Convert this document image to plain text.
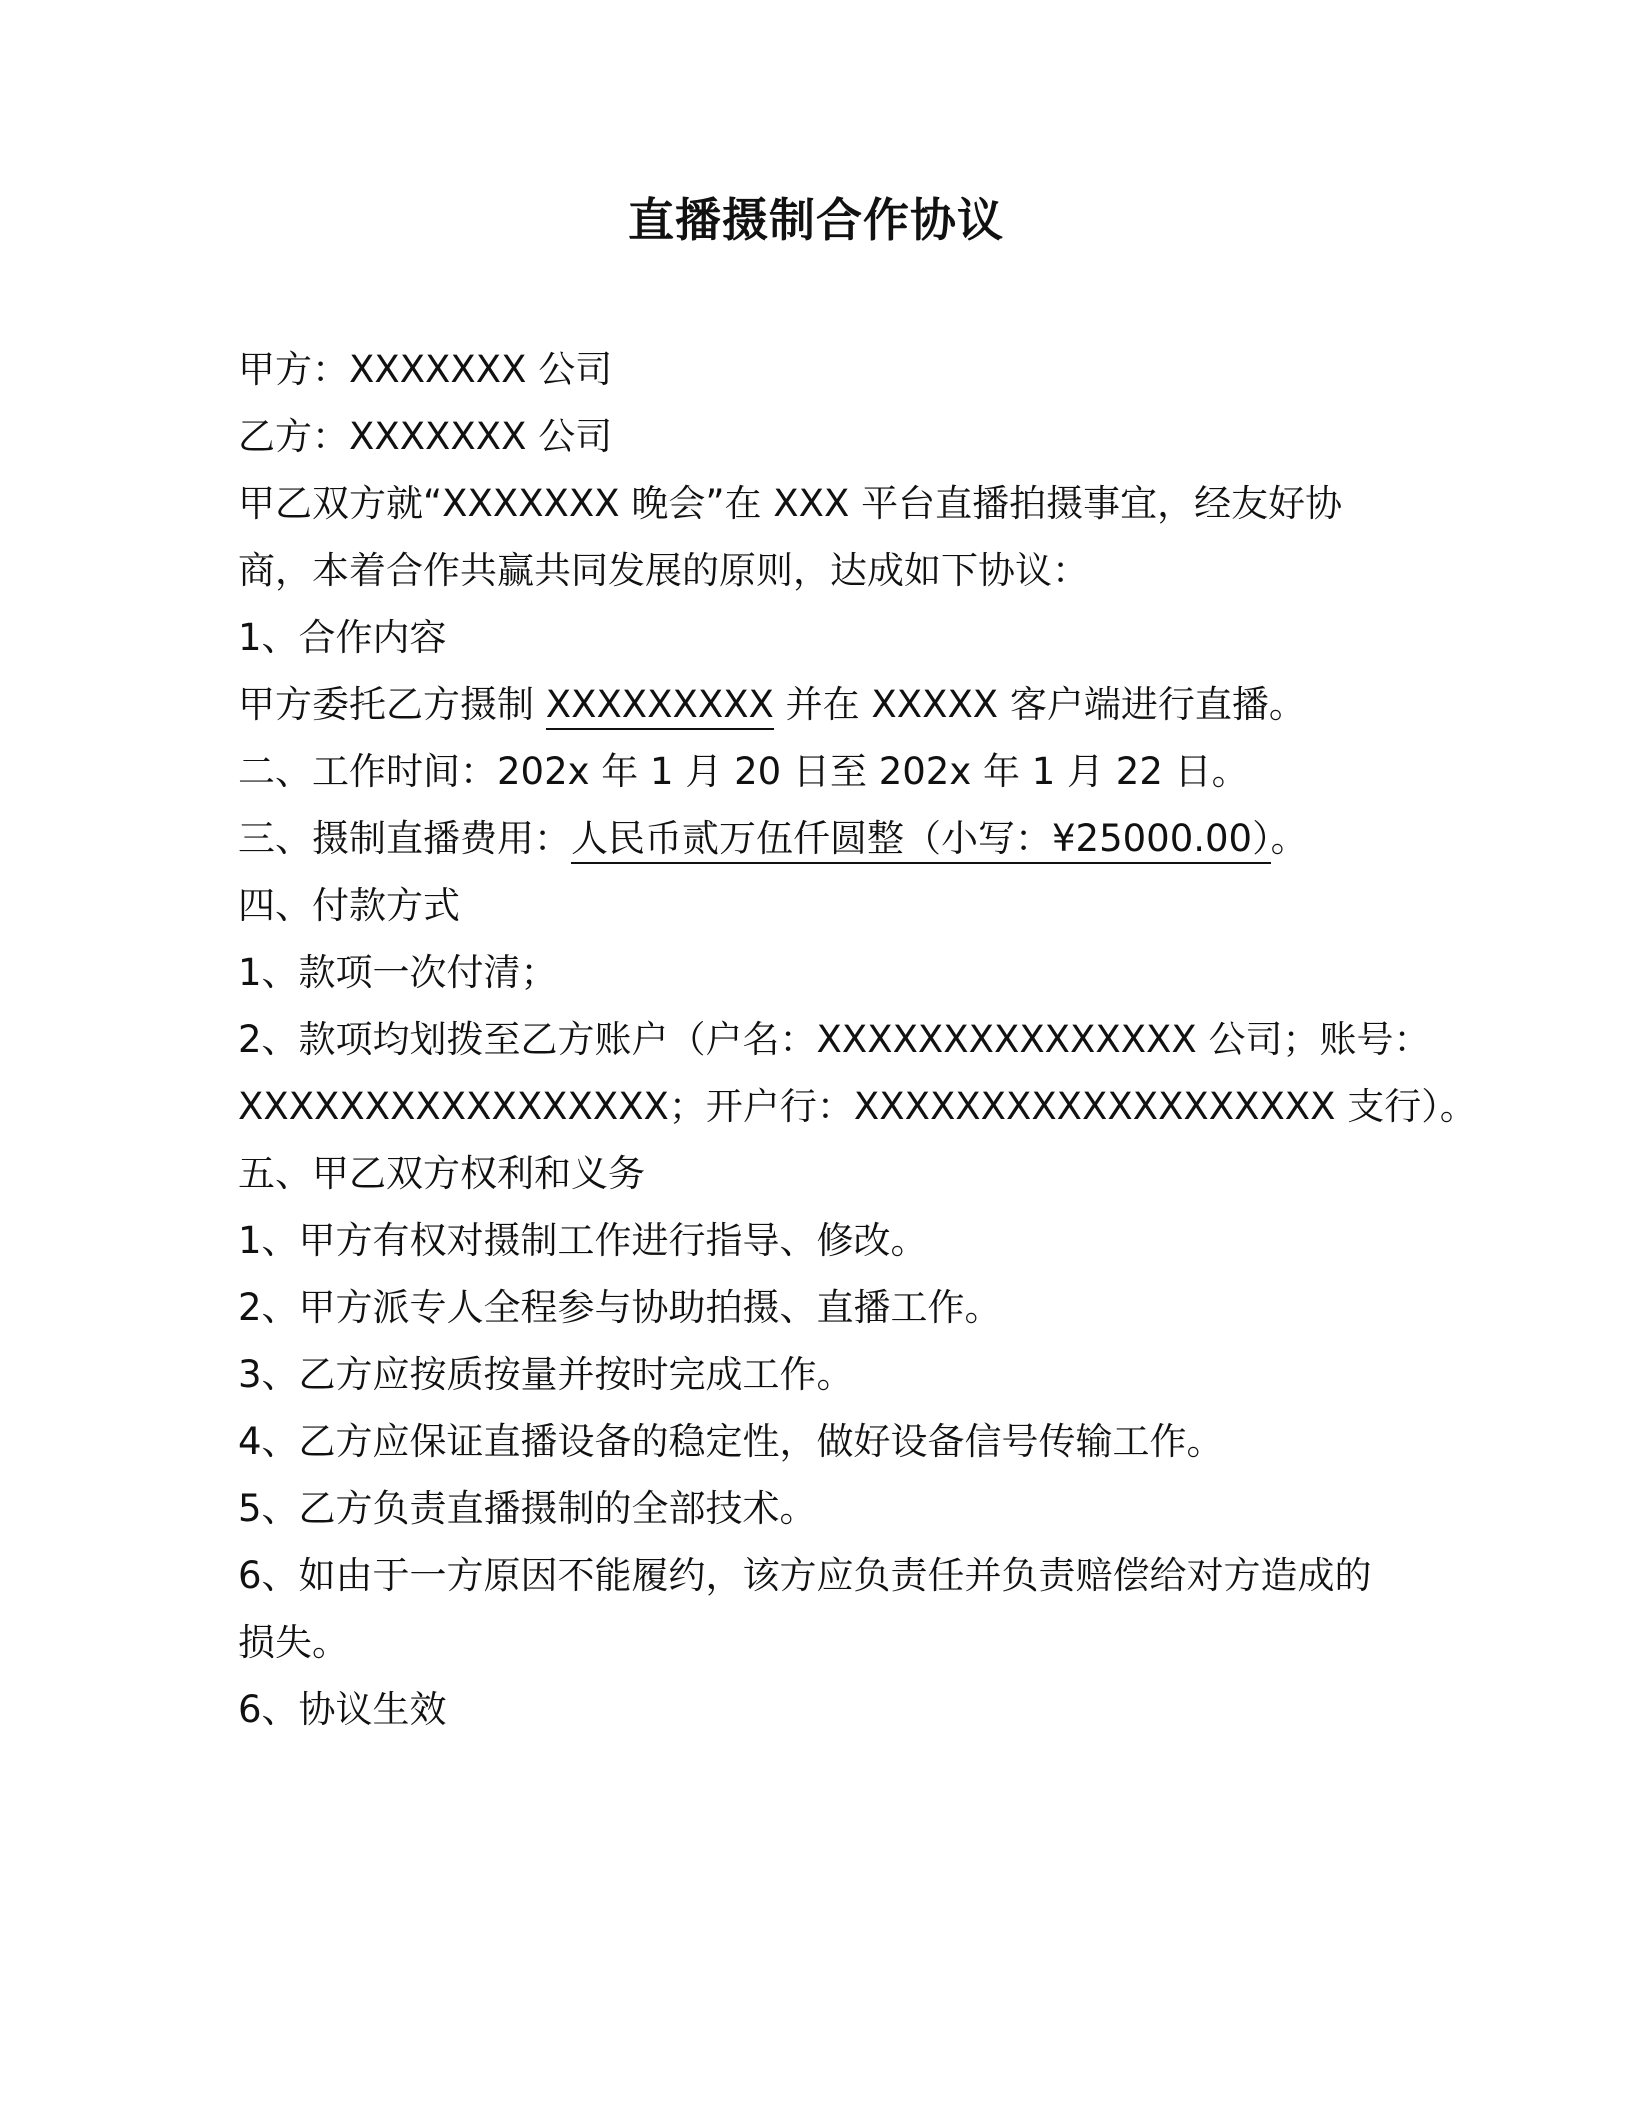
直播摄制合作协议
甲方：XXXXXXX 公司
乙方：XXXXXXX 公司
甲乙双方就“XXXXXXX 晚会”在 XXX 平台直播拍摄事宜，经友好协
商，本着合作共赢共同发展的原则，达成如下协议：
1、合作内容
甲方委托乙方摄制 XXXXXXXXX 并在 XXXXX 客户端进行直播。
二、工作时间：202x 年 1 月 20 日至 202x 年 1 月 22 日。
三、摄制直播费用：人民币贰万伍仟圆整（小写：¥25000.00）。
四、付款方式
1、款项一次付清；
2、款项均划拨至乙方账户（户名：XXXXXXXXXXXXXXX 公司；账号：
XXXXXXXXXXXXXXXXX；开户行：XXXXXXXXXXXXXXXXXXX 支行）。
五、甲乙双方权利和义务
1、甲方有权对摄制工作进行指导、修改。
2、甲方派专人全程参与协助拍摄、直播工作。
3、乙方应按质按量并按时完成工作。
4、乙方应保证直播设备的稳定性，做好设备信号传输工作。
5、乙方负责直播摄制的全部技术。
6、如由于一方原因不能履约，该方应负责任并负责赔偿给对方造成的
损失。
6、协议生效
